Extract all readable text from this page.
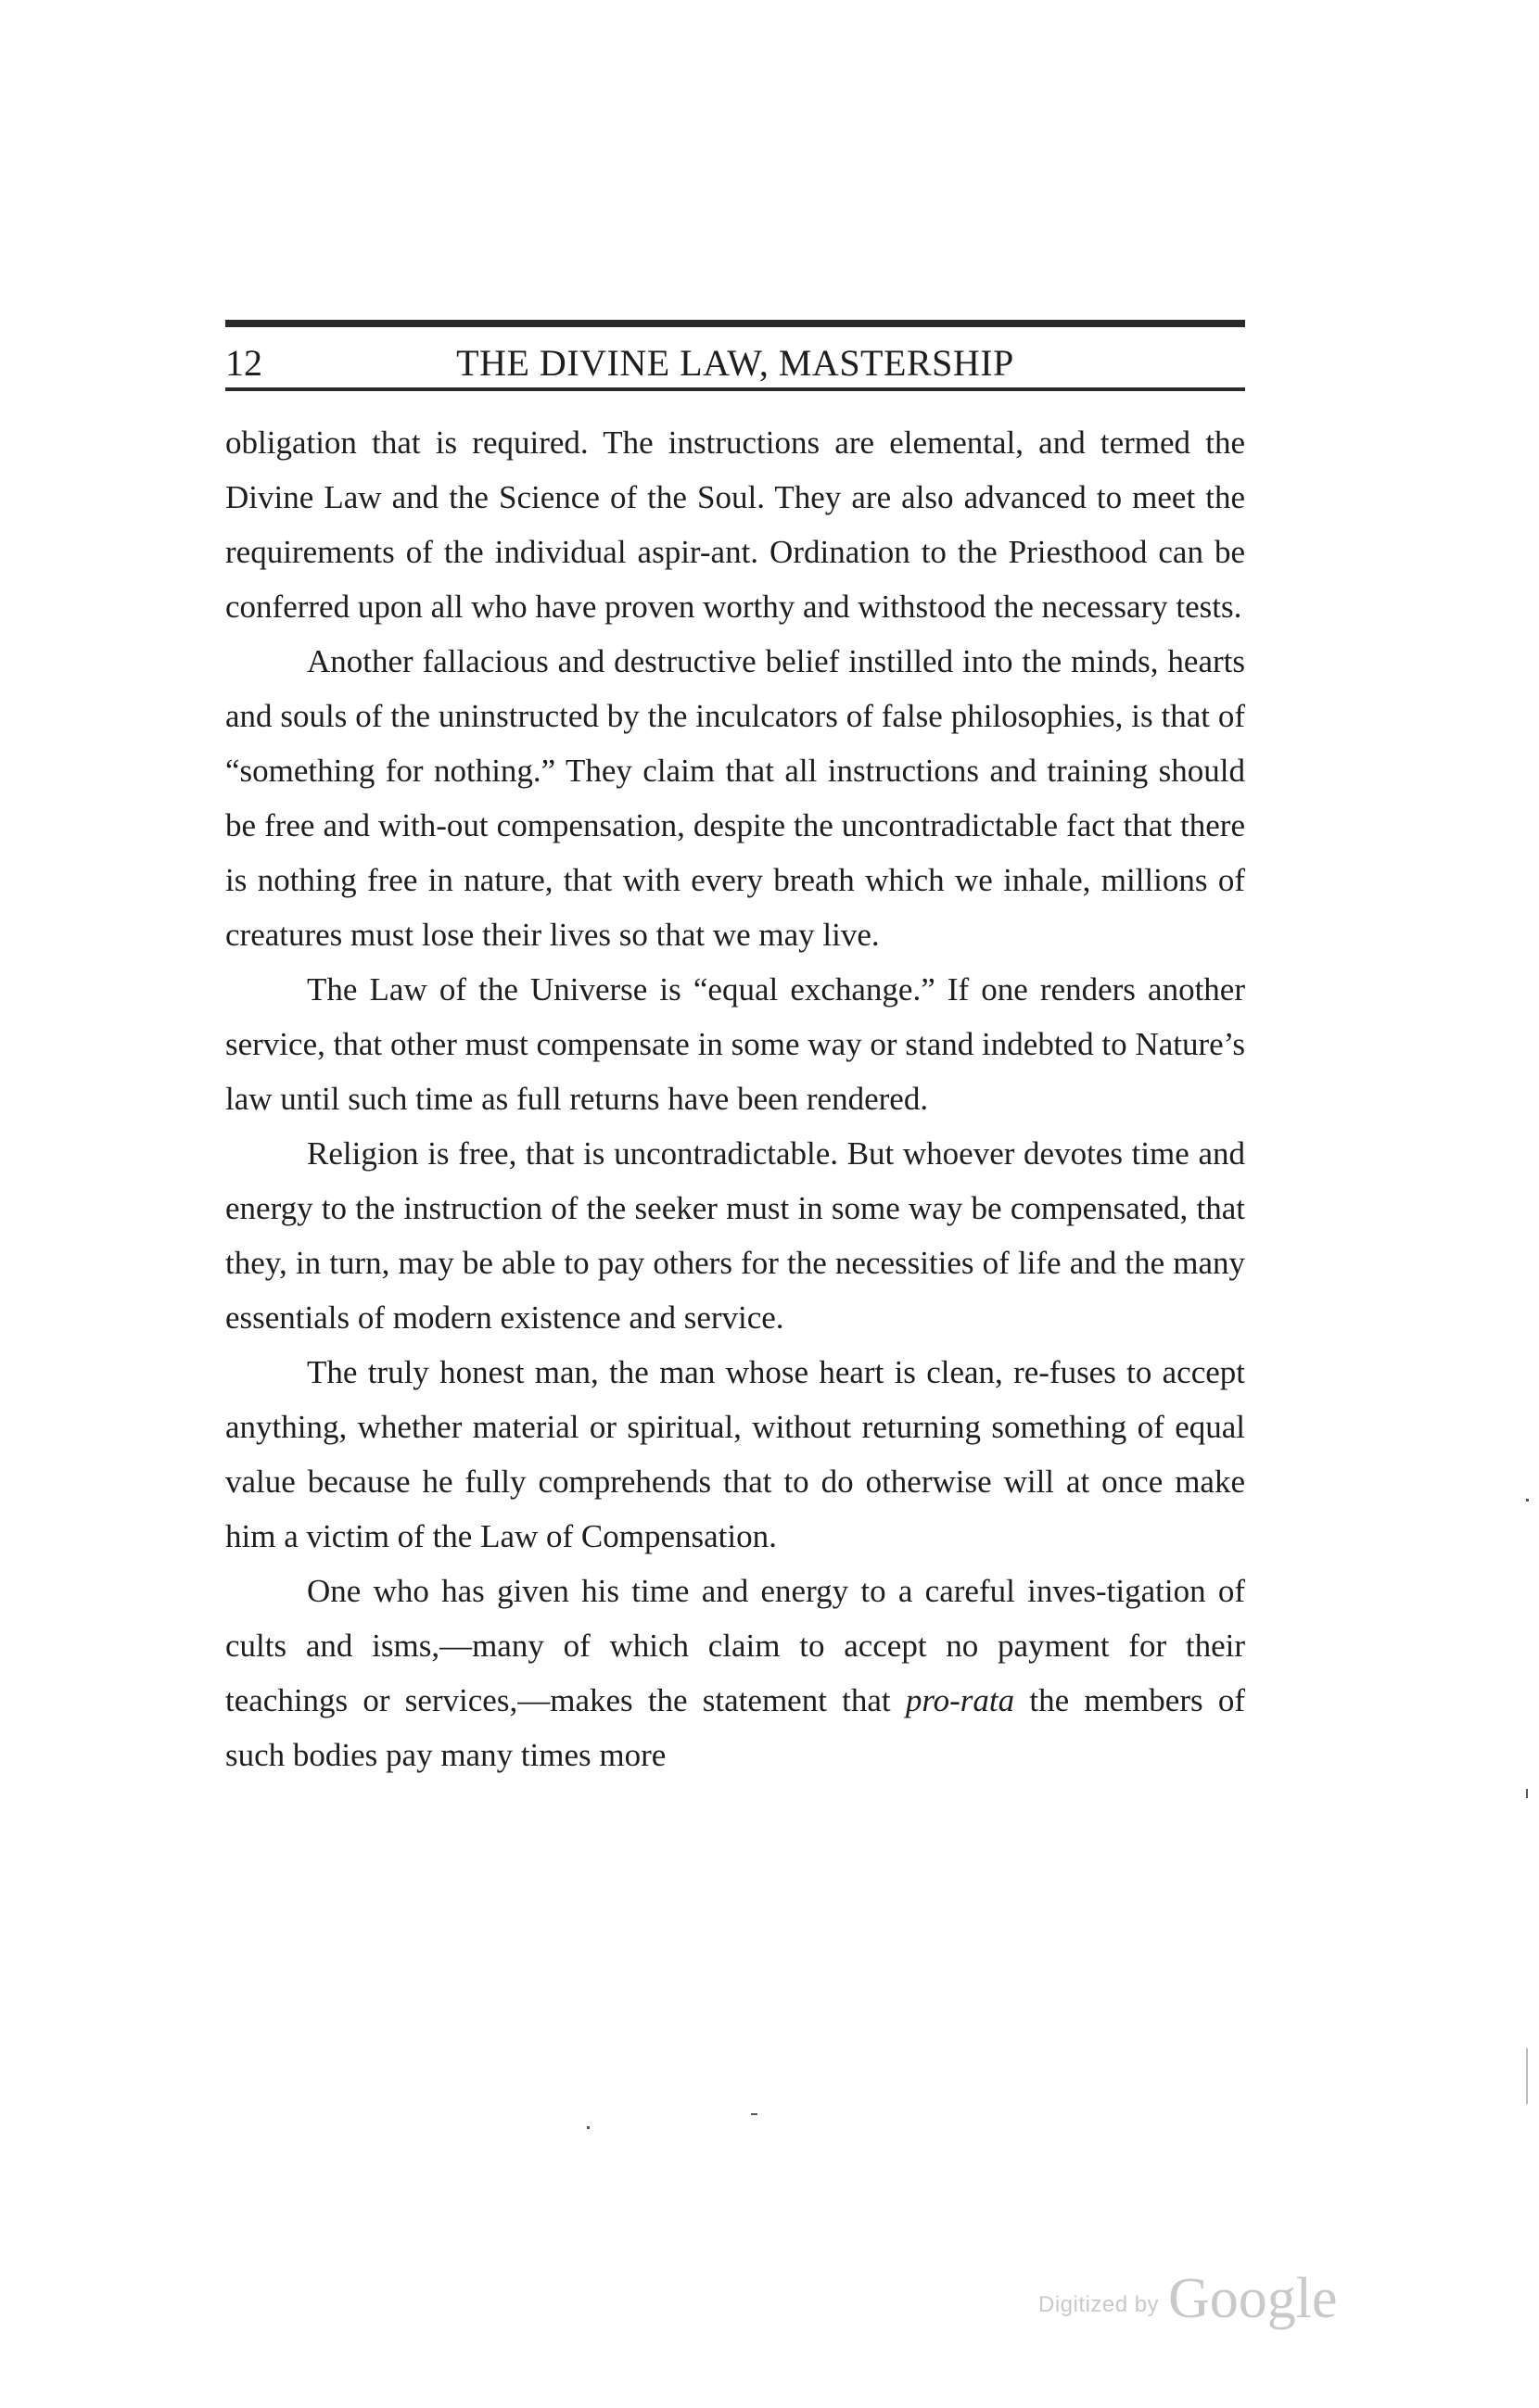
12	THE DIVINE LAW, MASTERSHIP

obligation that is required. The instructions are elemental, and termed the Divine Law and the Science of the Soul. They are also advanced to meet the requirements of the individual aspir-ant. Ordination to the Priesthood can be conferred upon all who have proven worthy and withstood the necessary tests.

Another fallacious and destructive belief instilled into the minds, hearts and souls of the uninstructed by the inculcators of false philosophies, is that of “something for nothing.” They claim that all instructions and training should be free and with-out compensation, despite the uncontradictable fact that there is nothing free in nature, that with every breath which we inhale, millions of creatures must lose their lives so that we may live.

The Law of the Universe is “equal exchange.” If one renders another service, that other must compensate in some way or stand indebted to Nature’s law until such time as full returns have been rendered.

Religion is free, that is uncontradictable. But whoever devotes time and energy to the instruction of the seeker must in some way be compensated, that they, in turn, may be able to pay others for the necessities of life and the many essentials of modern existence and service.

The truly honest man, the man whose heart is clean, re-fuses to accept anything, whether material or spiritual, without returning something of equal value because he fully comprehends that to do otherwise will at once make him a victim of the Law of Compensation.

One who has given his time and energy to a careful inves-tigation of cults and isms,—many of which claim to accept no payment for their teachings or services,—makes the statement that pro-rata the members of such bodies pay many times more

Digitized by Google
